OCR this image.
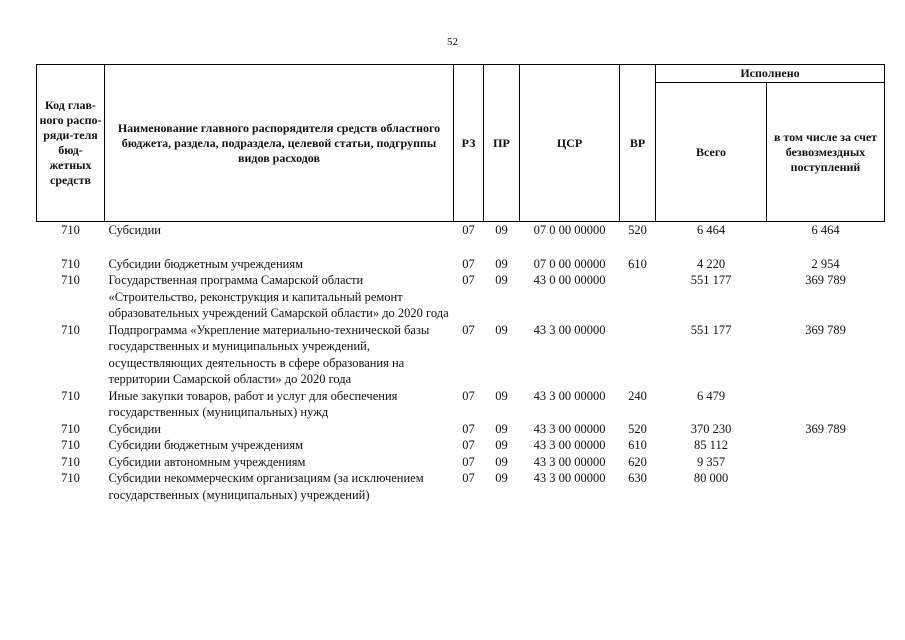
52
Код глав-ного распо-ряди-теля бюд-жетных средств	Наименование главного распорядителя средств областного бюджета, раздела, подраздела, целевой статьи, подгруппы видов расходов	РЗ	ПР	ЦСР	ВР	Исполнено	
						Всего	в том числе за счет безвозмездных поступлений
710	Субсидии	07	09	07 0 00 00000	520	6 464	6 464

710	Субсидии бюджетным учреждениям	07	09	07 0 00 00000	610	4 220	2 954
710	Государственная программа Самарской области «Строительство, реконструкция и капитальный ремонт образовательных учреждений Самарской области» до 2020 года	07	09	43 0 00 00000		551 177	369 789
710	Подпрограмма «Укрепление материально-технической базы государственных и муниципальных учреждений, осуществляющих деятельность в сфере образования на территории Самарской области» до 2020 года	07	09	43 3 00 00000		551 177	369 789
710	Иные закупки товаров, работ и услуг для обеспечения государственных (муниципальных) нужд	07	09	43 3 00 00000	240	6 479	
710	Субсидии	07	09	43 3 00 00000	520	370 230	369 789
710	Субсидии бюджетным учреждениям	07	09	43 3 00 00000	610	85 112	
710	Субсидии автономным учреждениям	07	09	43 3 00 00000	620	9 357	
710	Субсидии некоммерческим организациям (за исключением государственных (муниципальных) учреждений)	07	09	43 3 00 00000	630	80 000	
